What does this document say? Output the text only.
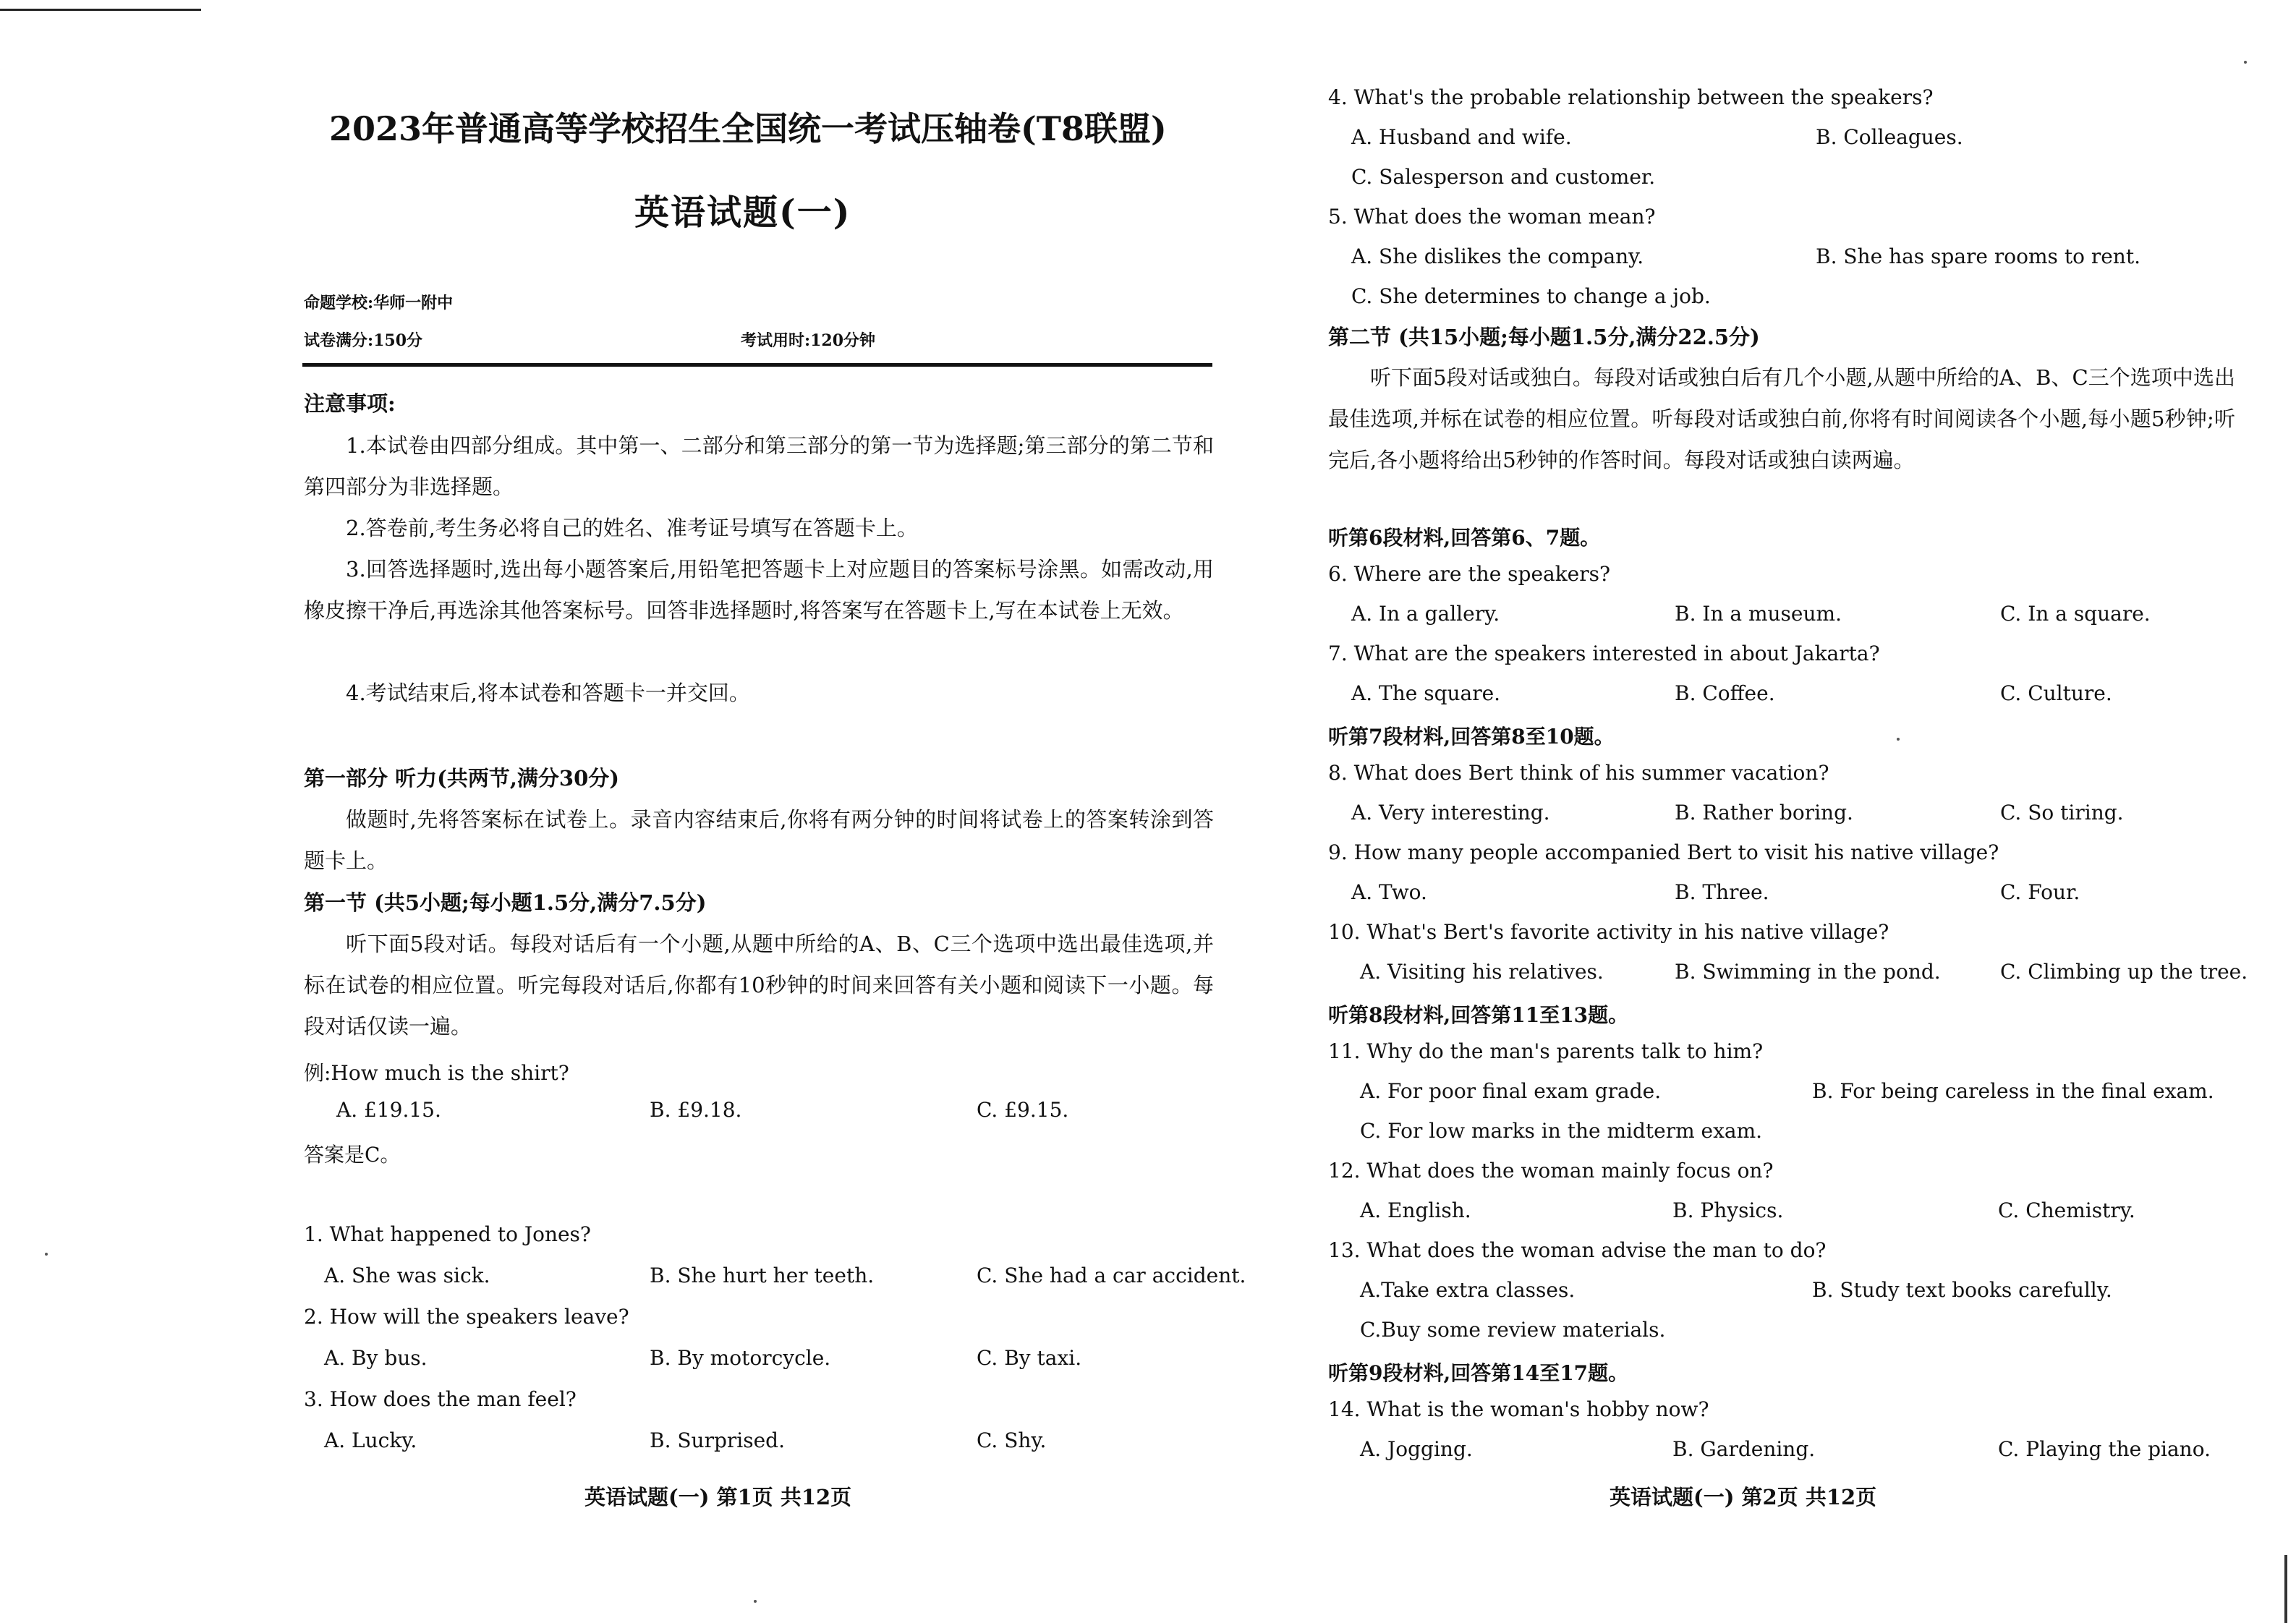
2023年普通高等学校招生全国统一考试压轴卷(T8联盟)
英语试题(一)
命题学校:华师一附中
试卷满分:150分	考试用时:120分钟
注意事项:
1.本试卷由四部分组成。其中第一、二部分和第三部分的第一节为选择题;第三部分的第二节和第四部分为非选择题。
2.答卷前,考生务必将自己的姓名、准考证号填写在答题卡上。
3.回答选择题时,选出每小题答案后,用铅笔把答题卡上对应题目的答案标号涂黑。如需改动,用橡皮擦干净后,再选涂其他答案标号。回答非选择题时,将答案写在答题卡上,写在本试卷上无效。
4.考试结束后,将本试卷和答题卡一并交回。
第一部分 听力(共两节,满分30分)
做题时,先将答案标在试卷上。录音内容结束后,你将有两分钟的时间将试卷上的答案转涂到答题卡上。
第一节 (共5小题;每小题1.5分,满分7.5分)
听下面5段对话。每段对话后有一个小题,从题中所给的A、B、C三个选项中选出最佳选项,并标在试卷的相应位置。听完每段对话后,你都有10秒钟的时间来回答有关小题和阅读下一小题。每段对话仅读一遍。
例:How much is the shirt?
A. £19.15.	B. £9.18.	C. £9.15.
答案是C。
1. What happened to Jones?
A. She was sick.	B. She hurt her teeth.	C. She had a car accident.
2. How will the speakers leave?
A. By bus.	B. By motorcycle.	C. By taxi.
3. How does the man feel?
A. Lucky.	B. Surprised.	C. Shy.
英语试题(一) 第1页 共12页
4. What's the probable relationship between the speakers?
A. Husband and wife.	B. Colleagues.
C. Salesperson and customer.
5. What does the woman mean?
A. She dislikes the company.	B. She has spare rooms to rent.
C. She determines to change a job.
第二节 (共15小题;每小题1.5分,满分22.5分)
听下面5段对话或独白。每段对话或独白后有几个小题,从题中所给的A、B、C三个选项中选出最佳选项,并标在试卷的相应位置。听每段对话或独白前,你将有时间阅读各个小题,每小题5秒钟;听完后,各小题将给出5秒钟的作答时间。每段对话或独白读两遍。
听第6段材料,回答第6、7题。
6. Where are the speakers?
A. In a gallery.	B. In a museum.	C. In a square.
7. What are the speakers interested in about Jakarta?
A. The square.	B. Coffee.	C. Culture.
听第7段材料,回答第8至10题。
8. What does Bert think of his summer vacation?
A. Very interesting.	B. Rather boring.	C. So tiring.
9. How many people accompanied Bert to visit his native village?
A. Two.	B. Three.	C. Four.
10. What's Bert's favorite activity in his native village?
A. Visiting his relatives.	B. Swimming in the pond.	C. Climbing up the tree.
听第8段材料,回答第11至13题。
11. Why do the man's parents talk to him?
A. For poor final exam grade.	B. For being careless in the final exam.
C. For low marks in the midterm exam.
12. What does the woman mainly focus on?
A. English.	B. Physics.	C. Chemistry.
13. What does the woman advise the man to do?
A.Take extra classes.	B. Study text books carefully.
C.Buy some review materials.
听第9段材料,回答第14至17题。
14. What is the woman's hobby now?
A. Jogging.	B. Gardening.	C. Playing the piano.
英语试题(一) 第2页 共12页
